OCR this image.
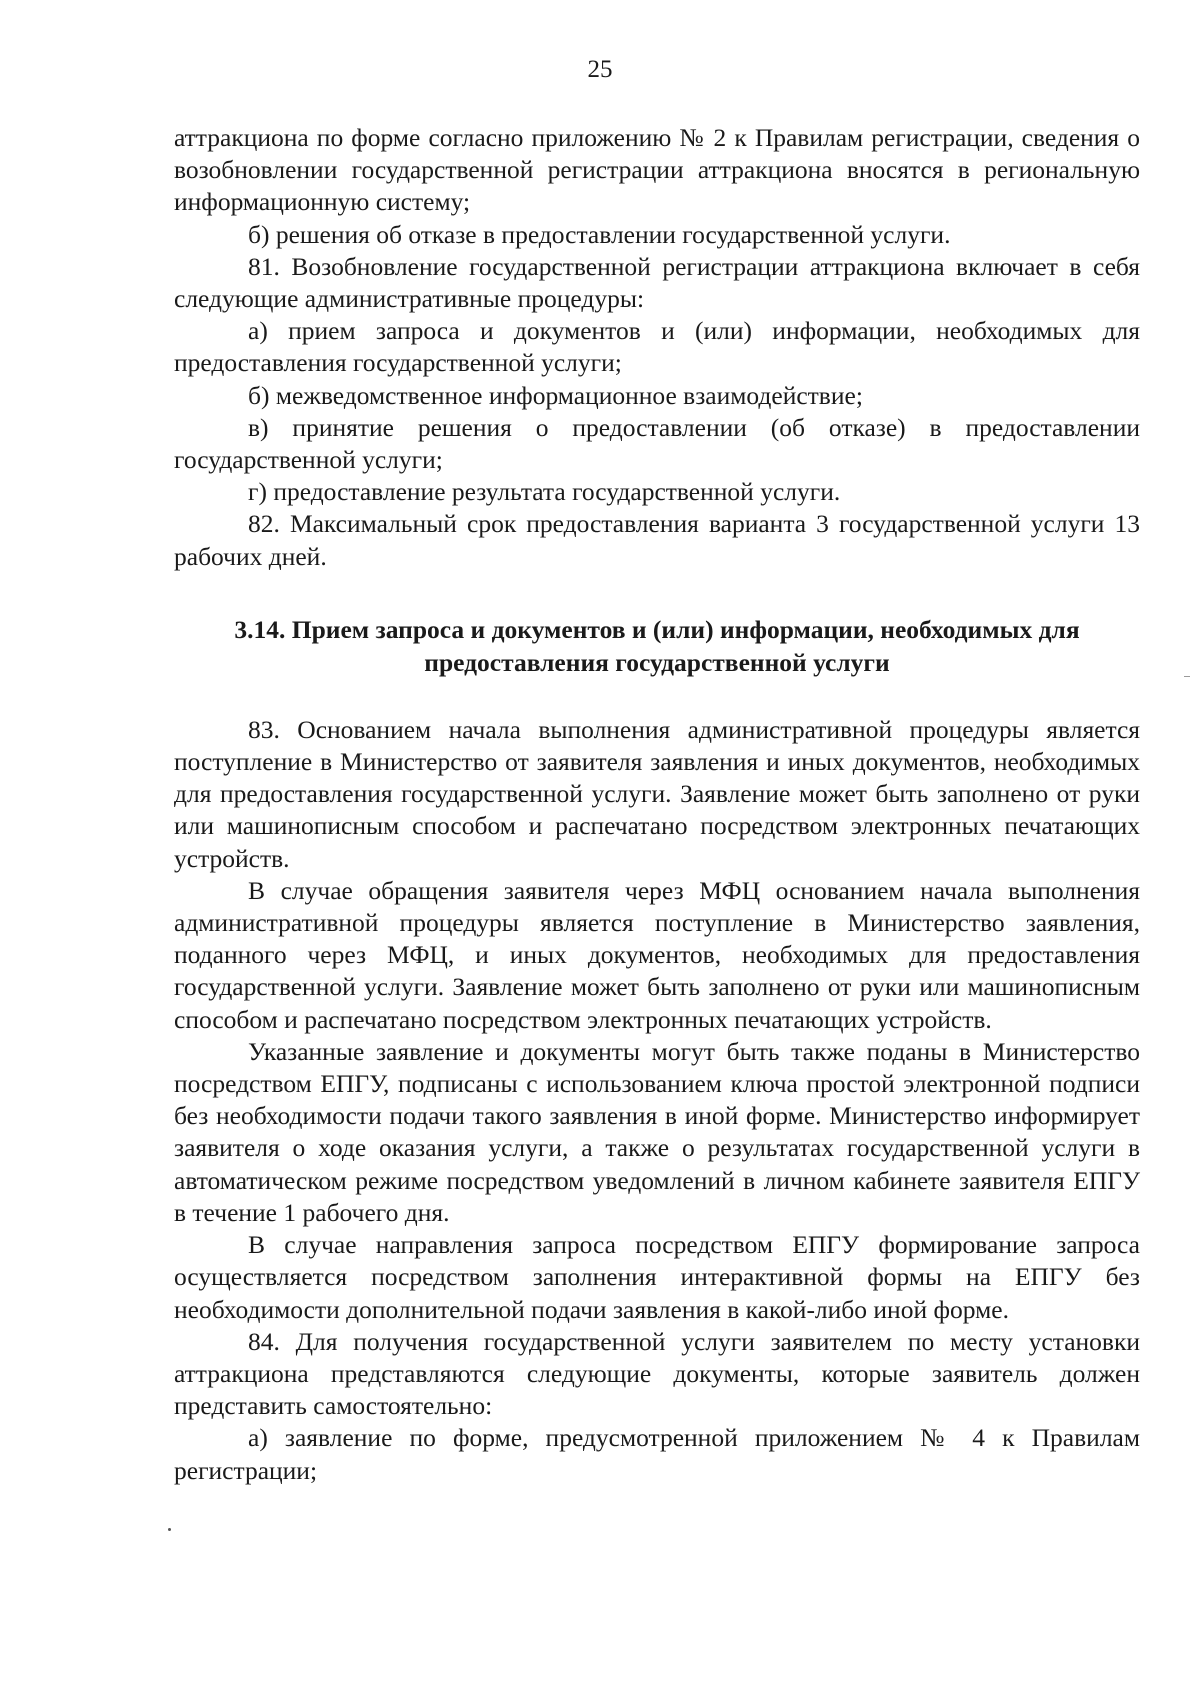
25

аттракциона по форме согласно приложению № 2 к Правилам регистрации, сведения о возобновлении государственной регистрации аттракциона вносятся в региональную информационную систему;

б) решения об отказе в предоставлении государственной услуги.

81. Возобновление государственной регистрации аттракциона включает в себя следующие административные процедуры:

а) прием запроса и документов и (или) информации, необходимых для предоставления государственной услуги;

б) межведомственное информационное взаимодействие;

в) принятие решения о предоставлении (об отказе) в предоставлении государственной услуги;

г) предоставление результата государственной услуги.

82. Максимальный срок предоставления варианта 3 государственной услуги 13 рабочих дней.

3.14. Прием запроса и документов и (или) информации, необходимых для
предоставления государственной услуги

83. Основанием начала выполнения административной процедуры является поступление в Министерство от заявителя заявления и иных документов, необходимых для предоставления государственной услуги. Заявление может быть заполнено от руки или машинописным способом и распечатано посредством электронных печатающих устройств.

В случае обращения заявителя через МФЦ основанием начала выполнения административной процедуры является поступление в Министерство заявления, поданного через МФЦ, и иных документов, необходимых для предоставления государственной услуги. Заявление может быть заполнено от руки или машинописным способом и распечатано посредством электронных печатающих устройств.

Указанные заявление и документы могут быть также поданы в Министерство посредством ЕПГУ, подписаны с использованием ключа простой электронной подписи без необходимости подачи такого заявления в иной форме. Министерство информирует заявителя о ходе оказания услуги, а также о результатах государственной услуги в автоматическом режиме посредством уведомлений в личном кабинете заявителя ЕПГУ в течение 1 рабочего дня.

В случае направления запроса посредством ЕПГУ формирование запроса осуществляется посредством заполнения интерактивной формы на ЕПГУ без необходимости дополнительной подачи заявления в какой-либо иной форме.

84. Для получения государственной услуги заявителем по месту установки аттракциона представляются следующие документы, которые заявитель должен представить самостоятельно:

а) заявление по форме, предусмотренной приложением № 4 к Правилам регистрации;
